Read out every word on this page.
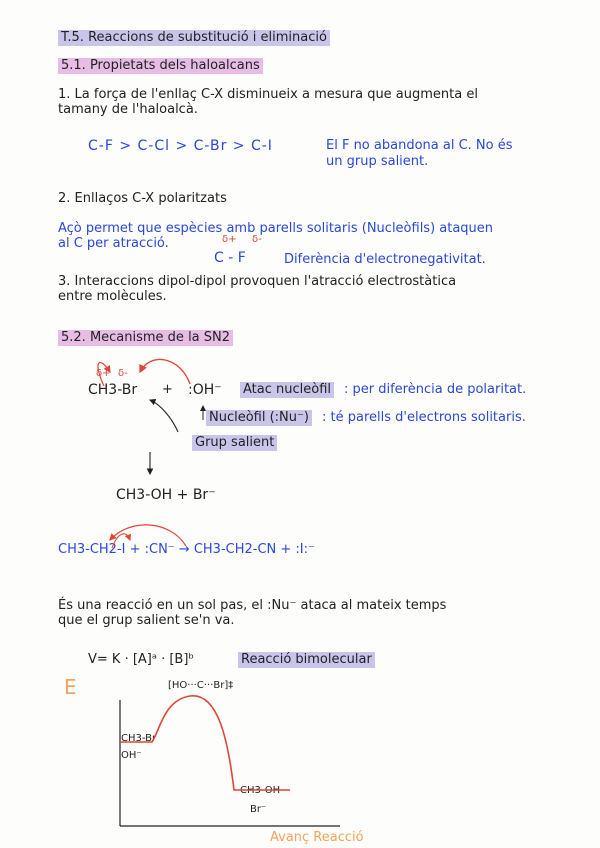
T.5. Reaccions de substitució i eliminació
5.1. Propietats dels haloalcans
1. La força de l'enllaç C-X disminueix a mesura que augmenta el
tamany de l'haloalcà.
C-F > C-Cl > C-Br > C-I	El F no abandona al C. No és
un grup salient.
2. Enllaços C-X polaritzats
Açò permet que espècies amb parells solitaris (Nucleòfils) ataquen
al C per atracció.	δ+ δ-
C - F	Diferència d'electronegativitat.
3. Interaccions dipol-dipol provoquen l'atracció electrostàtica
entre molècules.
5.2. Mecanisme de la SN2
CH3-Br + :OH⁻ Atac nucleòfil : per diferència de polaritat.
δ+ δ-
Nucleòfil (:Nu⁻) : té parells d'electrons solitaris.
Grup salient
CH3-OH + Br⁻
CH3-CH2-I + :CN⁻ → CH3-CH2-CN + :I:⁻
És una reacció en un sol pas, el :Nu⁻ ataca al mateix temps
que el grup salient se'n va.
V= K · [A]ᵃ · [B]ᵇ	Reacció bimolecular
E	[HO···C···Br]‡
CH3-Br
OH⁻
CH3-OH
Br⁻
Avanç Reacció
